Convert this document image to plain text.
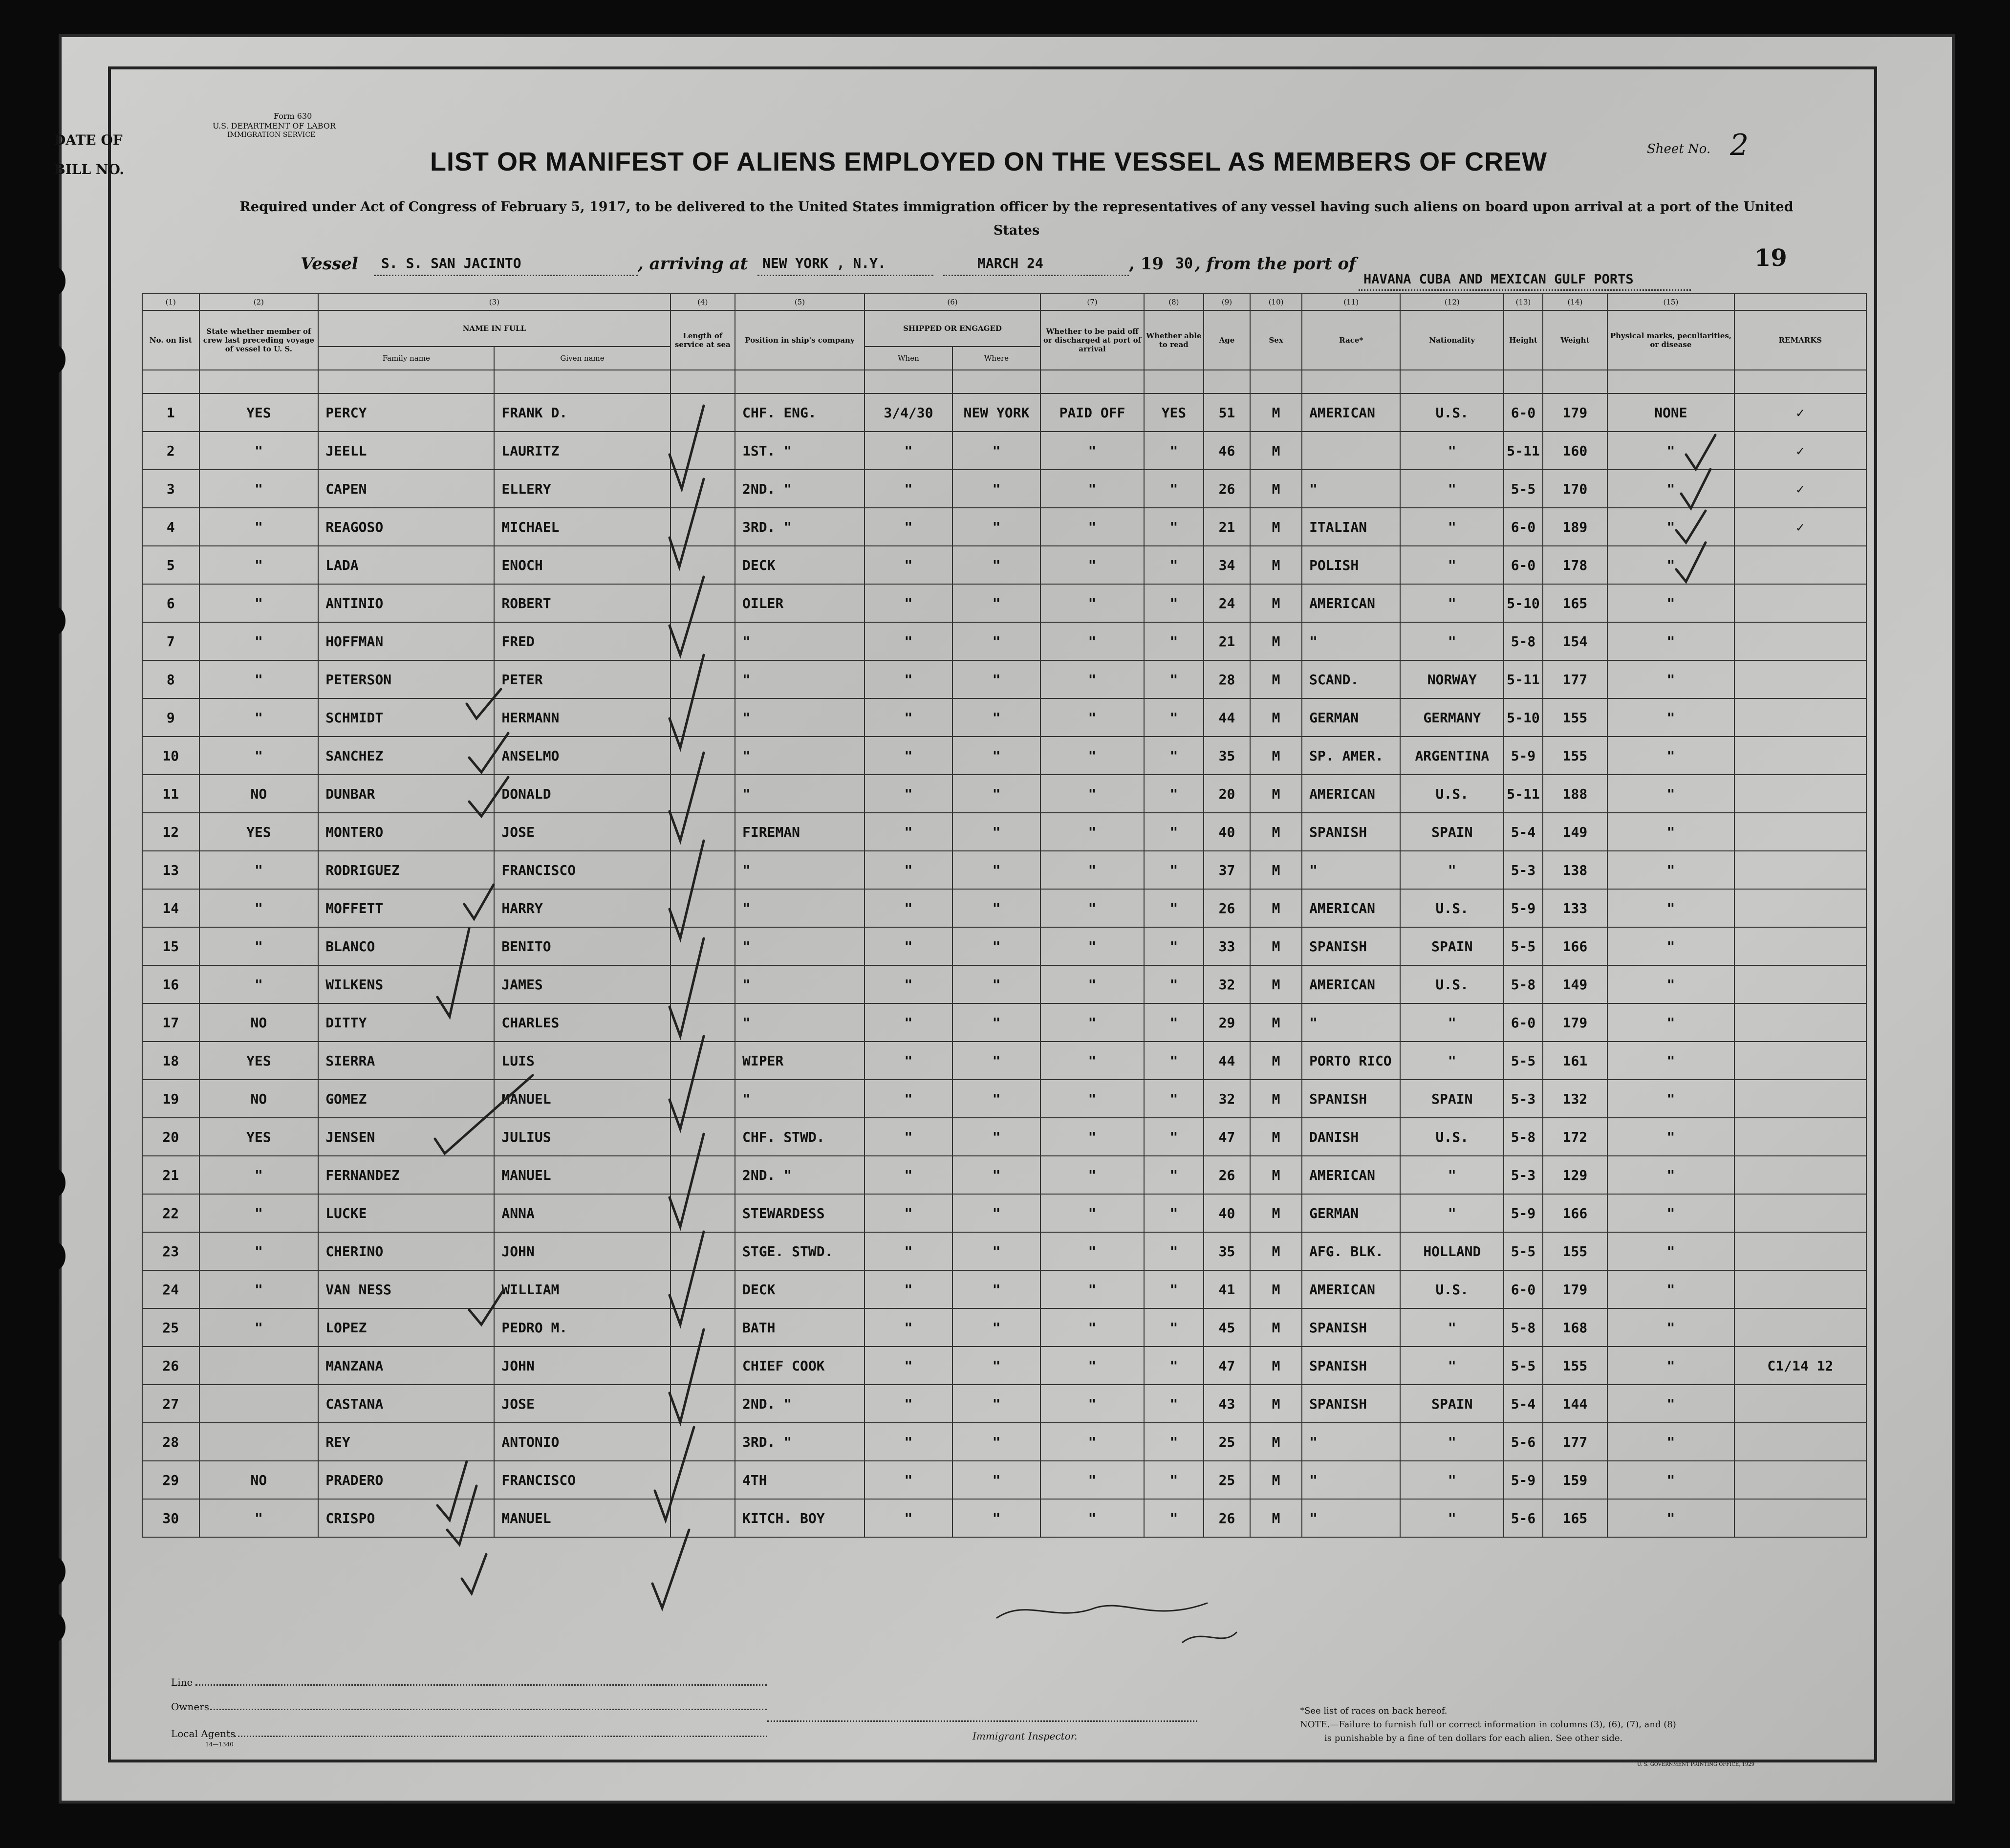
DATE OF
BILL NO.
Form 630
U.S. DEPARTMENT OF LABOR
IMMIGRATION SERVICE
LIST OR MANIFEST OF ALIENS EMPLOYED ON THE VESSEL AS MEMBERS OF CREW	Sheet No. 2
Required under Act of Congress of February 5, 1917, to be delivered to the United States immigration officer by the representatives of any vessel having such aliens on board upon arrival at a port of the United States
19
Vessel S. S. SAN JACINTO	, arriving at NEW YORK , N.Y.	MARCH 24	, 19 30 , from the port of
HAVANA CUBA AND MEXICAN GULF PORTS
(1)	(2)	(3)		(4)	(5)	(6)		(7)	(8)	(9)	(10)	(11)	(12)	(13)	(14)	(15)	
No. on list	State whether member of crew last preceding voyage of vessel to U. S.	NAME IN FULL		Length of service at sea	Position in ship's company	SHIPPED OR ENGAGED		Whether to be paid off or discharged at port of arrival	Whether able to read	Age	Sex	Race*	Nationality	Height	Weight	Physical marks, peculiarities, or disease	REMARKS
		Family name	Given name			When	Where										

1	YES	PERCY	FRANK D.		CHF. ENG.	3/4/30	NEW YORK	PAID OFF	YES	51	M	AMERICAN	U.S.	6-0	179	NONE	✓
2	"	JEELL	LAURITZ		1ST. "	"	"	"	"	46	M		"	5-11	160	"	✓
3	"	CAPEN	ELLERY		2ND. "	"	"	"	"	26	M	"	"	5-5	170	"	✓
4	"	REAGOSO	MICHAEL		3RD. "	"	"	"	"	21	M	ITALIAN	"	6-0	189	"	✓
5	"	LADA	ENOCH		DECK	"	"	"	"	34	M	POLISH	"	6-0	178	"	
6	"	ANTINIO	ROBERT		OILER	"	"	"	"	24	M	AMERICAN	"	5-10	165	"	
7	"	HOFFMAN	FRED		"	"	"	"	"	21	M	"	"	5-8	154	"	
8	"	PETERSON	PETER		"	"	"	"	"	28	M	SCAND.	NORWAY	5-11	177	"	
9	"	SCHMIDT	HERMANN		"	"	"	"	"	44	M	GERMAN	GERMANY	5-10	155	"	
10	"	SANCHEZ	ANSELMO		"	"	"	"	"	35	M	SP. AMER.	ARGENTINA	5-9	155	"	
11	NO	DUNBAR	DONALD		"	"	"	"	"	20	M	AMERICAN	U.S.	5-11	188	"	
12	YES	MONTERO	JOSE		FIREMAN	"	"	"	"	40	M	SPANISH	SPAIN	5-4	149	"	
13	"	RODRIGUEZ	FRANCISCO		"	"	"	"	"	37	M	"	"	5-3	138	"	
14	"	MOFFETT	HARRY		"	"	"	"	"	26	M	AMERICAN	U.S.	5-9	133	"	
15	"	BLANCO	BENITO		"	"	"	"	"	33	M	SPANISH	SPAIN	5-5	166	"	
16	"	WILKENS	JAMES		"	"	"	"	"	32	M	AMERICAN	U.S.	5-8	149	"	
17	NO	DITTY	CHARLES		"	"	"	"	"	29	M	"	"	6-0	179	"	
18	YES	SIERRA	LUIS		WIPER	"	"	"	"	44	M	PORTO RICO	"	5-5	161	"	
19	NO	GOMEZ	MANUEL		"	"	"	"	"	32	M	SPANISH	SPAIN	5-3	132	"	
20	YES	JENSEN	JULIUS		CHF. STWD.	"	"	"	"	47	M	DANISH	U.S.	5-8	172	"	
21	"	FERNANDEZ	MANUEL		2ND. "	"	"	"	"	26	M	AMERICAN	"	5-3	129	"	
22	"	LUCKE	ANNA		STEWARDESS	"	"	"	"	40	M	GERMAN	"	5-9	166	"	
23	"	CHERINO	JOHN		STGE. STWD.	"	"	"	"	35	M	AFG. BLK.	HOLLAND	5-5	155	"	
24	"	VAN NESS	WILLIAM		DECK	"	"	"	"	41	M	AMERICAN	U.S.	6-0	179	"	
25	"	LOPEZ	PEDRO M.		BATH	"	"	"	"	45	M	SPANISH	"	5-8	168	"	
26		MANZANA	JOHN		CHIEF COOK	"	"	"	"	47	M	SPANISH	"	5-5	155	"	C1/14 12
27		CASTANA	JOSE		2ND. "	"	"	"	"	43	M	SPANISH	SPAIN	5-4	144	"	
28		REY	ANTONIO		3RD. "	"	"	"	"	25	M	"	"	5-6	177	"	
29	NO	PRADERO	FRANCISCO		4TH	"	"	"	"	25	M	"	"	5-9	159	"	
30	"	CRISPO	MANUEL		KITCH. BOY	"	"	"	"	26	M	"	"	5-6	165	"	
Line
Owners
Local Agents
14—1340
Immigrant Inspector.
*See list of races on back hereof.
NOTE.—Failure to furnish full or correct information in columns (3), (6), (7), and (8)
is punishable by a fine of ten dollars for each alien. See other side.
U. S. GOVERNMENT PRINTING OFFICE, 1929
